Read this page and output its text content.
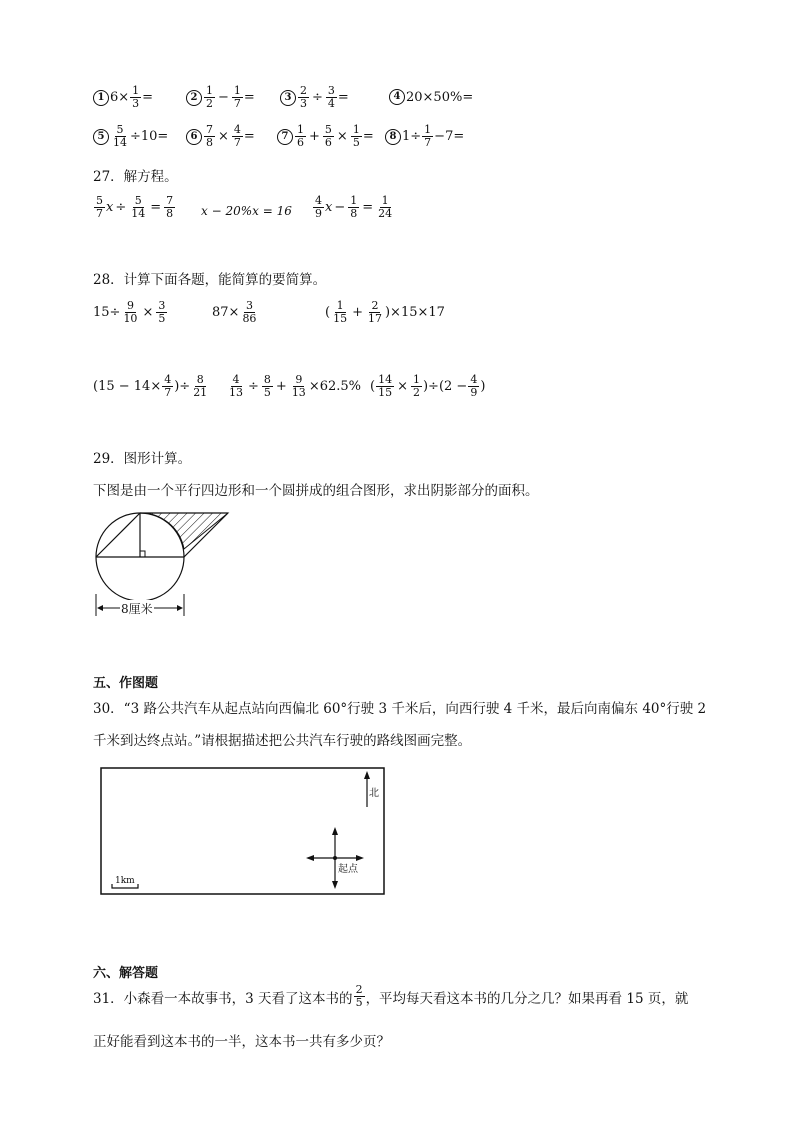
1 $6\times \frac{1}{3}$ =	$2 \frac{1}{2} - \frac{1}{7}$ =	$3 \frac{2}{3} \div \frac{3}{4}$ =	4 20×50%=
$5 \frac{5}{14} \div 10=$	$6 \frac{7}{8} \times \frac{4}{7}$ =	$7 \frac{1}{6} + \frac{5}{6} \times \frac{1}{5}$ =	8 $1\div \frac{1}{7} -7=$
27．解方程。
$\frac{5}{7}$ $x \div \frac{5}{14} = \frac{7}{8}$ $x - 20\%x = 16 \frac{4}{9}$ $x - \frac{1}{8} = \frac{1}{24}$
28．计算下面各题，能简算的要简算。
$15\div \frac{9}{10} \times \frac{3}{5}$	$87\times \frac{3}{86}$	( $\frac{1}{15} + \frac{2}{17} )\times 15\times 17$
($15 - 14\times \frac{4}{7}$ )÷ $\frac{8}{21} \frac{4}{13} \div \frac{8}{5} + \frac{9}{13} \times 62.5\%$ ( $\frac{14}{15} \times \frac{1}{2} )\div(2 - \frac{4}{9}$ )
29．图形计算。
下图是由一个平行四边形和一个圆拼成的组合图形，求出阴影部分的面积。
8厘米
五、作图题
30．“3 路公共汽车从起点站向西偏北 60°行驶 3 千米后，向西行驶 4 千米，最后向南偏东 40°行驶 2
千米到达终点站。”请根据描述把公共汽车行驶的路线图画完整。
北
起点
1km
六、解答题
31．小森看一本故事书，3 天看了这本书的 $\frac{2}{5}$ ，平均每天看这本书的几分之几？如果再看 15 页，就
正好能看到这本书的一半，这本书一共有多少页？
